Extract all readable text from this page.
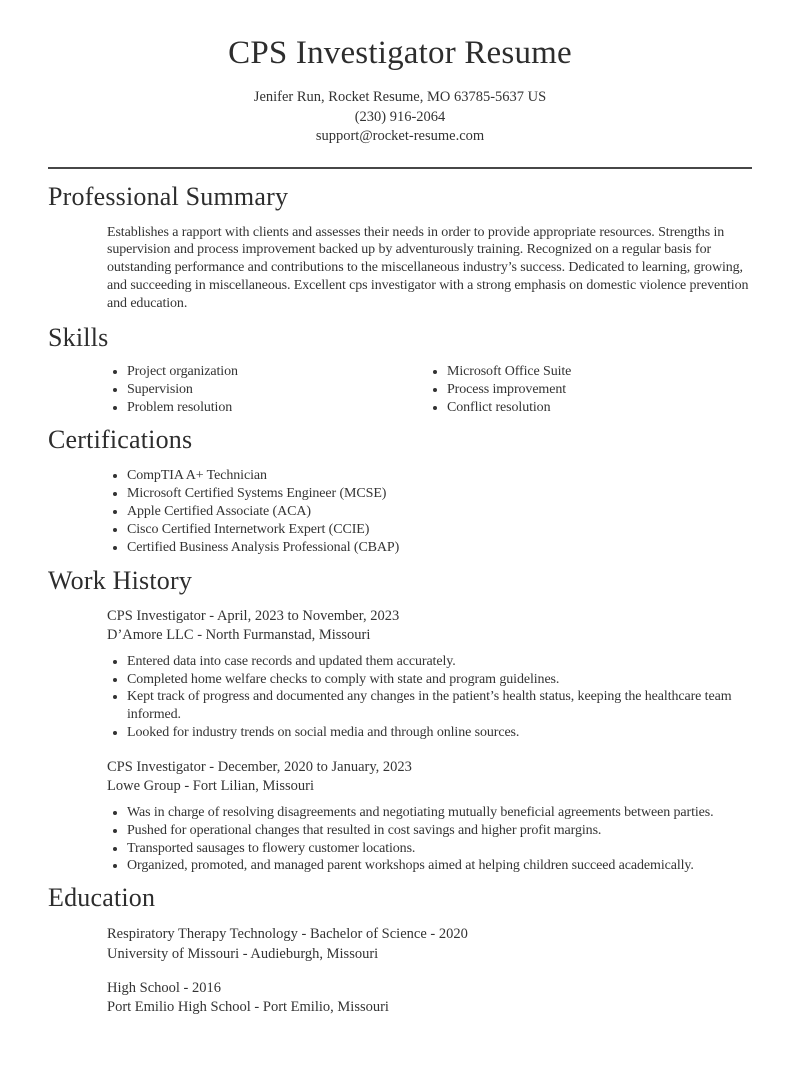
CPS Investigator Resume
Jenifer Run, Rocket Resume, MO 63785-5637 US
(230) 916-2064
support@rocket-resume.com
Professional Summary

Establishes a rapport with clients and assesses their needs in order to provide appropriate resources. Strengths in supervision and process improvement backed up by adventurously training. Recognized on a regular basis for outstanding performance and contributions to the miscellaneous industry’s success. Dedicated to learning, growing, and succeeding in miscellaneous. Excellent cps investigator with a strong emphasis on domestic violence prevention and education.

Skills
• Project organization
• Supervision
• Problem resolution
• Microsoft Office Suite
• Process improvement
• Conflict resolution
Certifications
• CompTIA A+ Technician
• Microsoft Certified Systems Engineer (MCSE)
• Apple Certified Associate (ACA)
• Cisco Certified Internetwork Expert (CCIE)
• Certified Business Analysis Professional (CBAP)
Work History
CPS Investigator - April, 2023 to November, 2023
D’Amore LLC - North Furmanstad, Missouri
• Entered data into case records and updated them accurately.
• Completed home welfare checks to comply with state and program guidelines.
• Kept track of progress and documented any changes in the patient’s health status, keeping the healthcare team informed.
• Looked for industry trends on social media and through online sources.
CPS Investigator - December, 2020 to January, 2023
Lowe Group - Fort Lilian, Missouri
• Was in charge of resolving disagreements and negotiating mutually beneficial agreements between parties.
• Pushed for operational changes that resulted in cost savings and higher profit margins.
• Transported sausages to flowery customer locations.
• Organized, promoted, and managed parent workshops aimed at helping children succeed academically.
Education
Respiratory Therapy Technology - Bachelor of Science - 2020
University of Missouri - Audieburgh, Missouri
High School - 2016
Port Emilio High School - Port Emilio, Missouri
